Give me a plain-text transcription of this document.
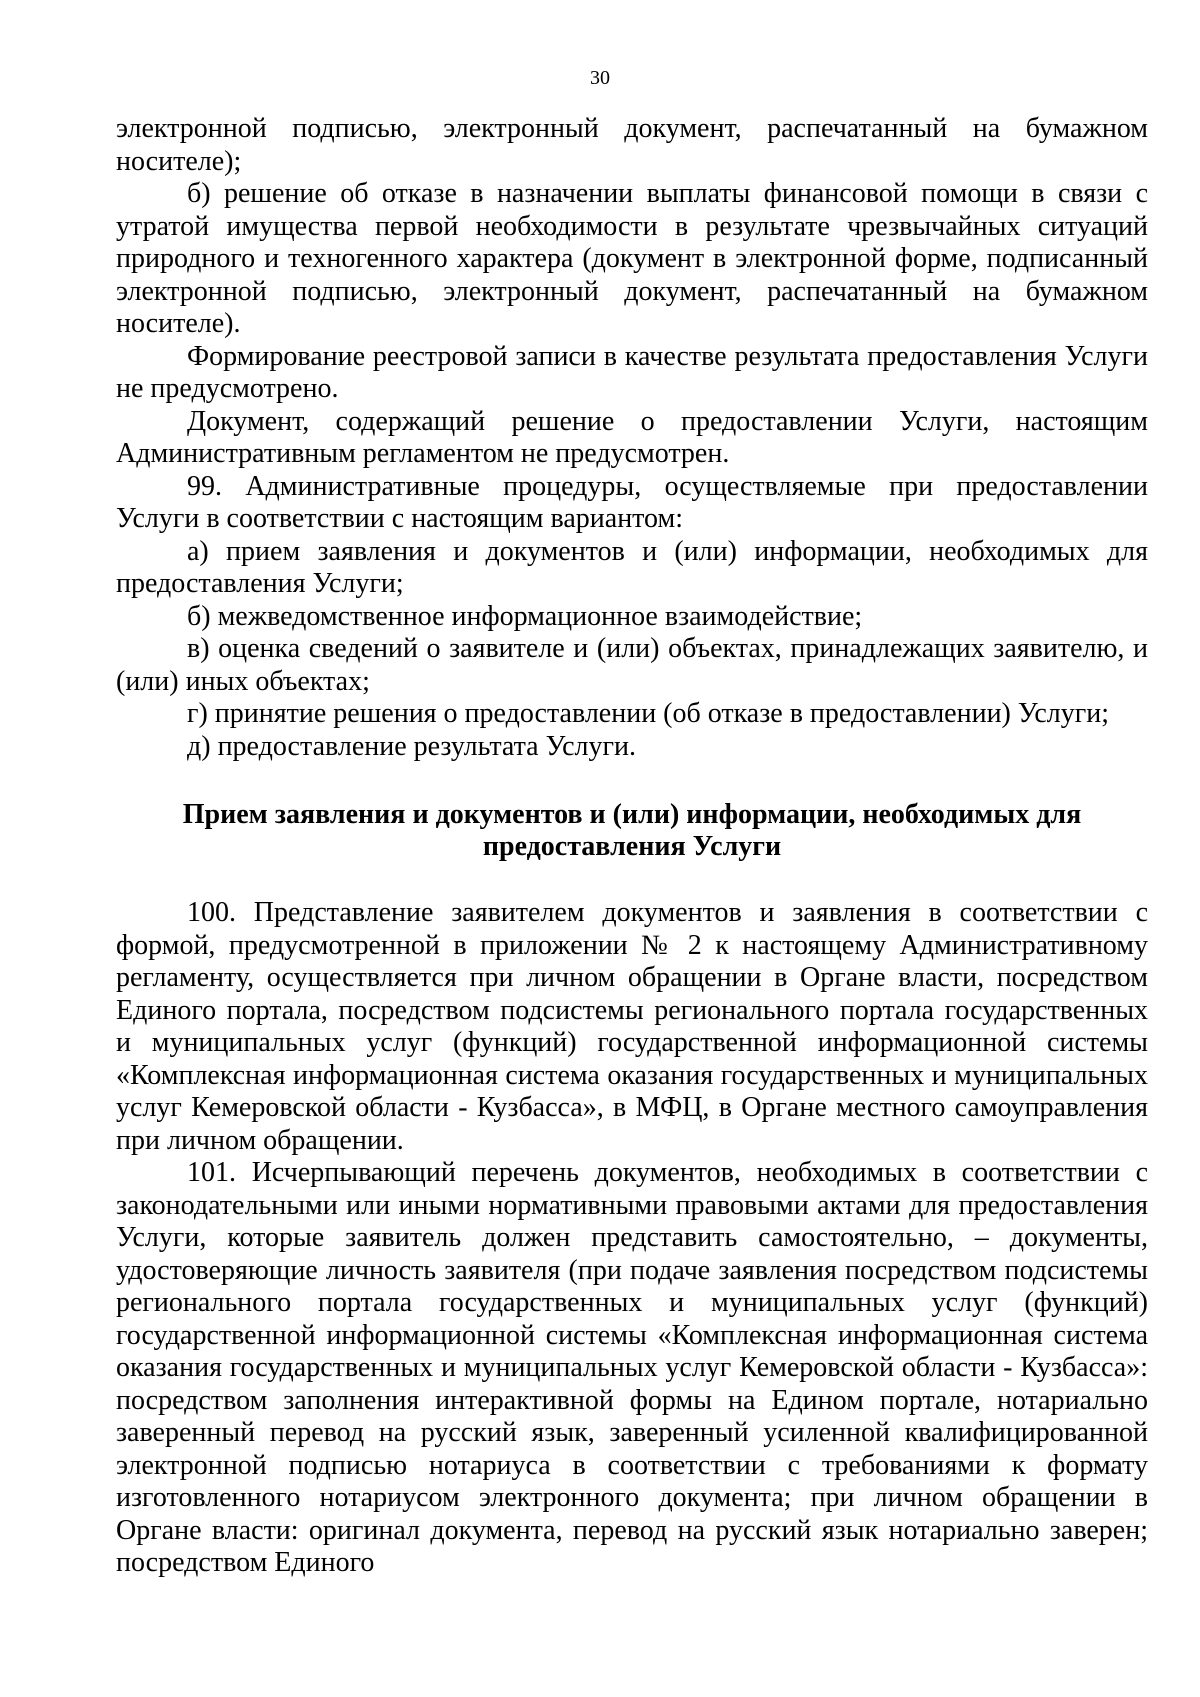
30

электронной подписью, электронный документ, распечатанный на бумажном носителе);

б) решение об отказе в назначении выплаты финансовой помощи в связи с утратой имущества первой необходимости в результате чрезвычайных ситуаций природного и техногенного характера (документ в электронной форме, подписанный электронной подписью, электронный документ, распечатанный на бумажном носителе).

Формирование реестровой записи в качестве результата предоставления Услуги не предусмотрено.

Документ, содержащий решение о предоставлении Услуги, настоящим Административным регламентом не предусмотрен.

99. Административные процедуры, осуществляемые при предоставлении Услуги в соответствии с настоящим вариантом:

а) прием заявления и документов и (или) информации, необходимых для предоставления Услуги;

б) межведомственное информационное взаимодействие;

в) оценка сведений о заявителе и (или) объектах, принадлежащих заявителю, и (или) иных объектах;

г) принятие решения о предоставлении (об отказе в предоставлении) Услуги;

д) предоставление результата Услуги.

Прием заявления и документов и (или) информации, необходимых для
предоставления Услуги

100. Представление заявителем документов и заявления в соответствии с формой, предусмотренной в приложении № 2 к настоящему Административному регламенту, осуществляется при личном обращении в Органе власти, посредством Единого портала, посредством подсистемы регионального портала государственных и муниципальных услуг (функций) государственной информационной системы «Комплексная информационная система оказания государственных и муниципальных услуг Кемеровской области - Кузбасса», в МФЦ, в Органе местного самоуправления при личном обращении.

101. Исчерпывающий перечень документов, необходимых в соответствии с законодательными или иными нормативными правовыми актами для предоставления Услуги, которые заявитель должен представить самостоятельно, – документы, удостоверяющие личность заявителя (при подаче заявления посредством подсистемы регионального портала государственных и муниципальных услуг (функций) государственной информационной системы «Комплексная информационная система оказания государственных и муниципальных услуг Кемеровской области - Кузбасса»: посредством заполнения интерактивной формы на Едином портале, нотариально заверенный перевод на русский язык, заверенный усиленной квалифицированной электронной подписью нотариуса в соответствии с требованиями к формату изготовленного нотариусом электронного документа; при личном обращении в Органе власти: оригинал документа, перевод на русский язык нотариально заверен; посредством Единого
